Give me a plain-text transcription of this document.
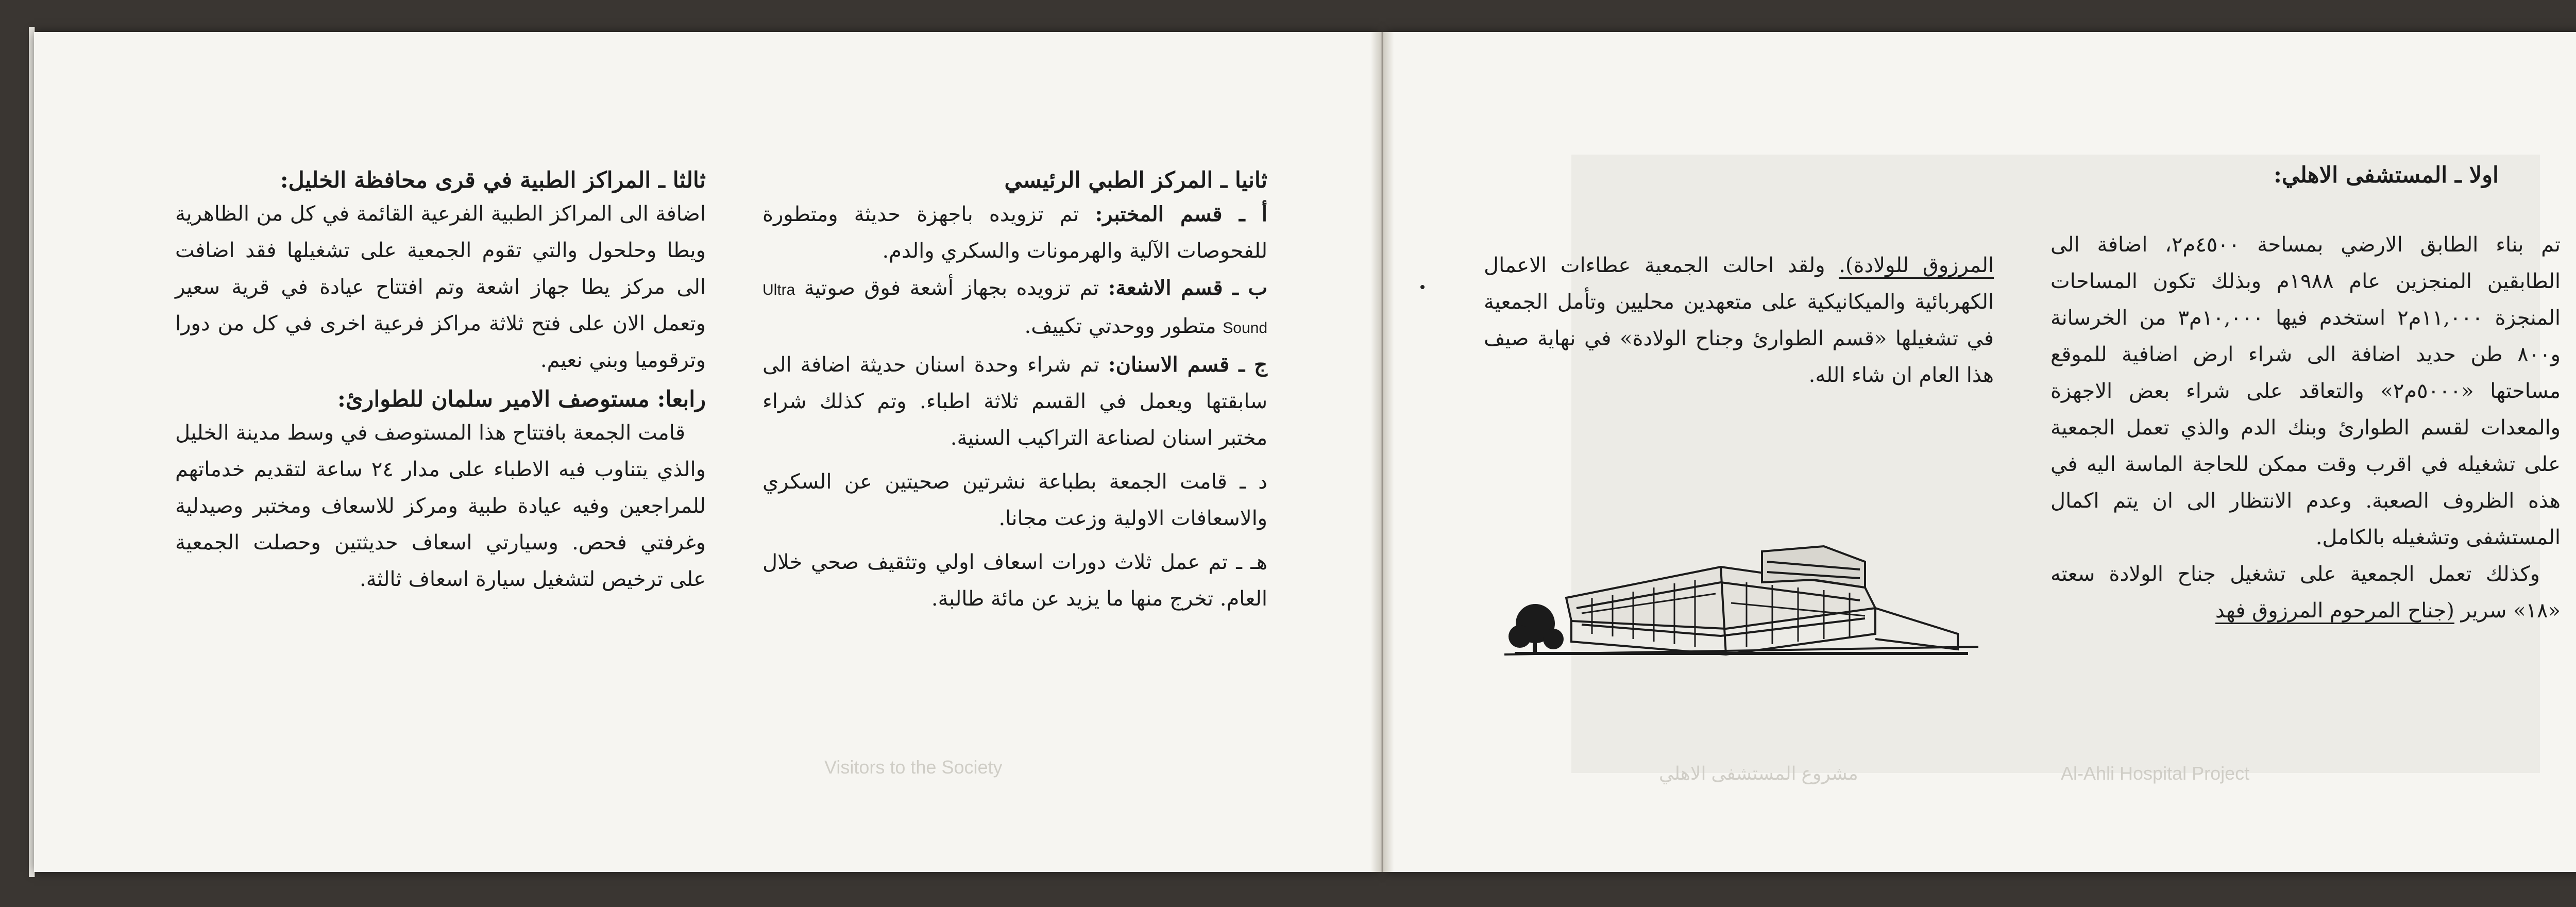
ثانيا ـ المركز الطبي الرئيسي

أ ـ قسم المختبر: تم تزويده باجهزة حديثة ومتطورة للفحوصات الآلية والهرمونات والسكري والدم.

ب ـ قسم الاشعة: تم تزويده بجهاز أشعة فوق صوتية Ultra Sound متطور ووحدتي تكييف.

ج ـ قسم الاسنان: تم شراء وحدة اسنان حديثة اضافة الى سابقتها ويعمل في القسم ثلاثة اطباء. وتم كذلك شراء مختبر اسنان لصناعة التراكيب السنية.

د ـ قامت الجمعة بطباعة نشرتين صحيتين عن السكري والاسعافات الاولية وزعت مجانا.

هـ ـ تم عمل ثلاث دورات اسعاف اولي وتثقيف صحي خلال العام. تخرج منها ما يزيد عن مائة طالبة.

ثالثا ـ المراكز الطبية في قرى محافظة الخليل:

اضافة الى المراكز الطبية الفرعية القائمة في كل من الظاهرية ويطا وحلحول والتي تقوم الجمعية على تشغيلها فقد اضافت الى مركز يطا جهاز اشعة وتم افتتاح عيادة في قرية سعير وتعمل الان على فتح ثلاثة مراكز فرعية اخرى في كل من دورا وترقوميا وبني نعيم.

رابعا: مستوصف الامير سلمان للطوارئ:

قامت الجمعة بافتتاح هذا المستوصف في وسط مدينة الخليل والذي يتناوب فيه الاطباء على مدار ٢٤ ساعة لتقديم خدماتهم للمراجعين وفيه عيادة طبية ومركز للاسعاف ومختبر وصيدلية وغرفتي فحص. وسيارتي اسعاف حديثتين وحصلت الجمعية على ترخيص لتشغيل سيارة اسعاف ثالثة.

Visitors to the Society

اولا ـ المستشفى الاهلي:

تم بناء الطابق الارضي بمساحة ٤٥٠٠م٢، اضافة الى الطابقين المنجزين عام ١٩٨٨م وبذلك تكون المساحات المنجزة ١١,٠٠٠م٢ استخدم فيها ١٠,٠٠٠م٣ من الخرسانة و٨٠٠ طن حديد اضافة الى شراء ارض اضافية للموقع مساحتها «٥٠٠٠م٢» والتعاقد على شراء بعض الاجهزة والمعدات لقسم الطوارئ وبنك الدم والذي تعمل الجمعية على تشغيله في اقرب وقت ممكن للحاجة الماسة اليه في هذه الظروف الصعبة. وعدم الانتظار الى ان يتم اكمال المستشفى وتشغيله بالكامل.

وكذلك تعمل الجمعية على تشغيل جناح الولادة سعته «١٨» سرير (جناح المرحوم المرزوق فهد

المرزوق للولادة). ولقد احالت الجمعية عطاءات الاعمال الكهربائية والميكانيكية على متعهدين محليين وتأمل الجمعية في تشغيلها «قسم الطوارئ وجناح الولادة» في نهاية صيف هذا العام ان شاء الله.

Al-Ahli Hospital Project
مشروع المستشفى الاهلي
